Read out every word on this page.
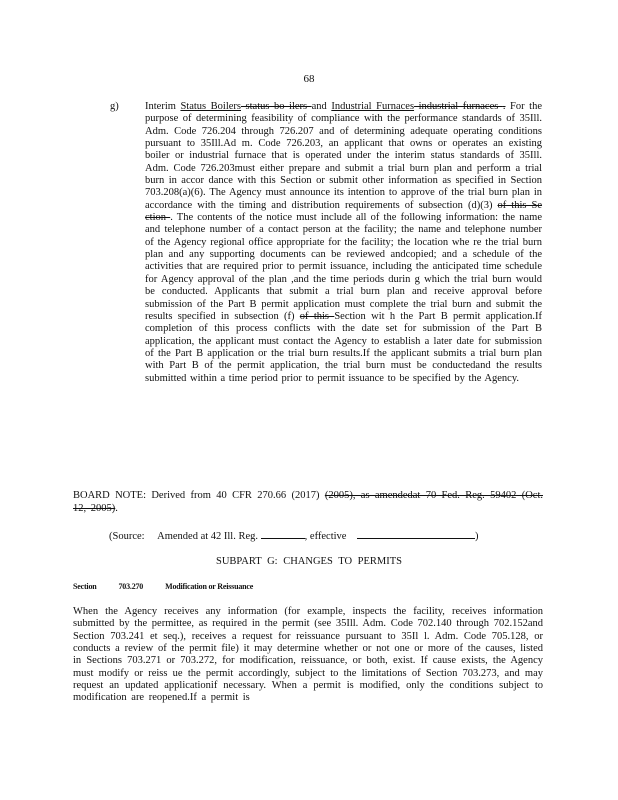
68
g)	Interim Status Boilers status bo ilers and Industrial Furnaces industrial furnaces . For the purpose of determining feasibility of compliance with the performance standards of 35Ill. Adm. Code 726.204 through 726.207 and of determining adequate operating conditions pursuant to 35Ill.Ad m. Code 726.203, an applicant that owns or operates an existing boiler or industrial furnace that is operated under the interim status standards of 35Ill. Adm. Code 726.203must either prepare and submit a trial burn plan and perform a trial burn in accor dance with this Section or submit other information as specified in Section 703.208(a)(6). The Agency must announce its intention to approve of the trial burn plan in accordance with the timing and distribution requirements of subsection (d)(3) of this Se ction . The contents of the notice must include all of the following information: the name and telephone number of a contact person at the facility; the name and telephone number of the Agency regional office appropriate for the facility; the location whe re the trial burn plan and any supporting documents can be reviewed andcopied; and a schedule of the activities that are required prior to permit issuance, including the anticipated time schedule for Agency approval of the plan ,and the time periods durin g which the trial burn would be conducted. Applicants that submit a trial burn plan and receive approval before submission of the Part B permit application must complete the trial burn and submit the results specified in subsection (f) of this Section wit h the Part B permit application.If completion of this process conflicts with the date set for submission of the Part B application, the applicant must contact the Agency to establish a later date for submission of the Part B application or the trial burn results.If the applicant submits a trial burn plan with Part B of the permit application, the trial burn must be conductedand the results submitted within a time period prior to permit issuance to be specified by the Agency.
BOARD NOTE: Derived from 40 CFR 270.66 (2017) (2005), as amendedat 70 Fed. Reg. 59402 (Oct. 12, 2005).
(Source: Amended at 42 Ill. Reg.	, effective	)
SUBPART G: CHANGES TO PERMITS
Section	703.270	Modification or Reissuance
When the Agency receives any information (for example, inspects the facility, receives information submitted by the permittee, as required in the permit (see 35Ill. Adm. Code 702.140 through 702.152and Section 703.241 et seq.), receives a request for reissuance pursuant to 35Il l. Adm. Code 705.128, or conducts a review of the permit file) it may determine whether or not one or more of the causes, listed in Sections 703.271 or 703.272, for modification, reissuance, or both, exist. If cause exists, the Agency must modify or reiss ue the permit accordingly, subject to the limitations of Section 703.273, and may request an updated applicationif necessary. When a permit is modified, only the conditions subject to modification are reopened.If a permit is
